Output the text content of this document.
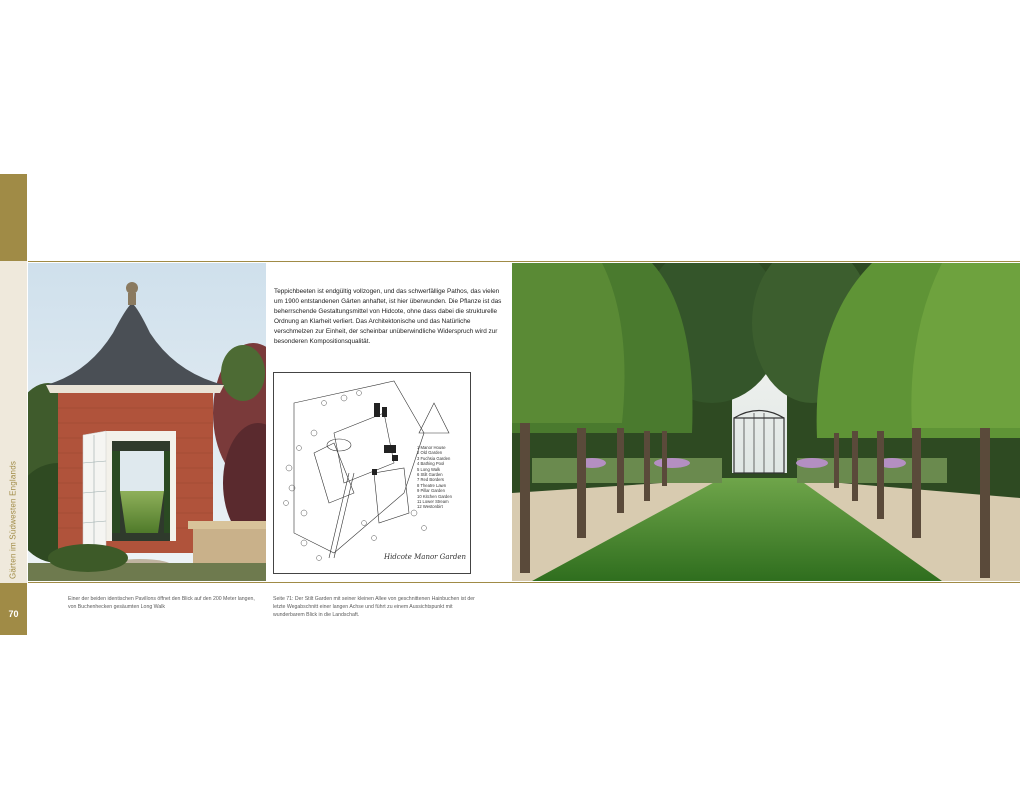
Gärten im Südwesten Englands
70
Teppichbeeten ist endgültig vollzogen, und das schwerfällige Pathos, das vielen um 1900 entstandenen Gärten anhaftet, ist hier überwunden. Die Pflanze ist das beherrschende Gestaltungsmittel von Hidcote, ohne dass dabei die strukturelle Ordnung an Klarheit verliert. Das Architektonische und das Natürliche verschmelzen zur Einheit, der scheinbar unüberwindliche Widerspruch wird zur besonderen Kompositionsqualität.
1 Manor House
2 Old Garden
3 Fuchsia Garden
4 Bathing Pool
5 Long Walk
6 Stilt Garden
7 Red Borders
8 Theatre Lawn
9 Pillar Garden
10 Kitchen Garden
11 Lower Stream
12 Westonbirt
Hidcote Manor Garden
Einer der beiden identischen Pavillons öffnet den Blick auf den 200 Meter langen, von Buchenhecken gesäumten Long Walk
Seite 71: Der Stilt Garden mit seiner kleinen Allee von geschnittenen Hainbuchen ist der letzte Wegabschnitt einer langen Achse und führt zu einem Aussichtspunkt mit wunderbarem Blick in die Landschaft.
